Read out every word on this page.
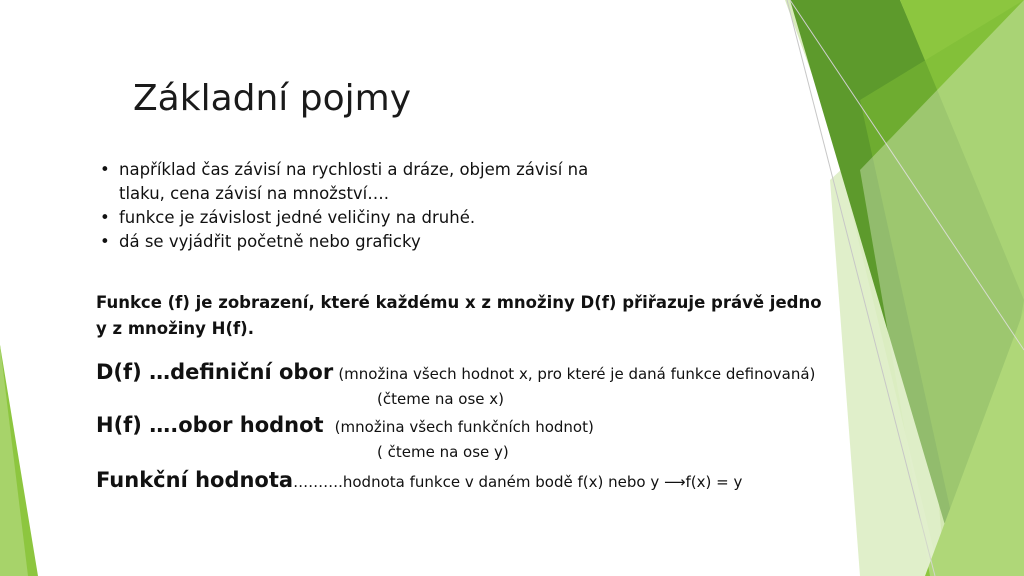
Základní pojmy
• například čas závisí na rychlosti a dráze, objem závisí na
tlaku, cena závisí na množství….
• funkce je závislost jedné veličiny na druhé.
• dá se vyjádřit početně nebo graficky
Funkce (f) je zobrazení, které každému x z množiny D(f) přiřazuje právě jedno
y z množiny H(f).
D(f) …definiční obor (množina všech hodnot x, pro které je daná funkce definovaná)
(čteme na ose x)
H(f) ….obor hodnot (množina všech funkčních hodnot)
( čteme na ose y)
Funkční hodnota……….hodnota funkce v daném bodě f(x) nebo y ⟶f(x) = y
